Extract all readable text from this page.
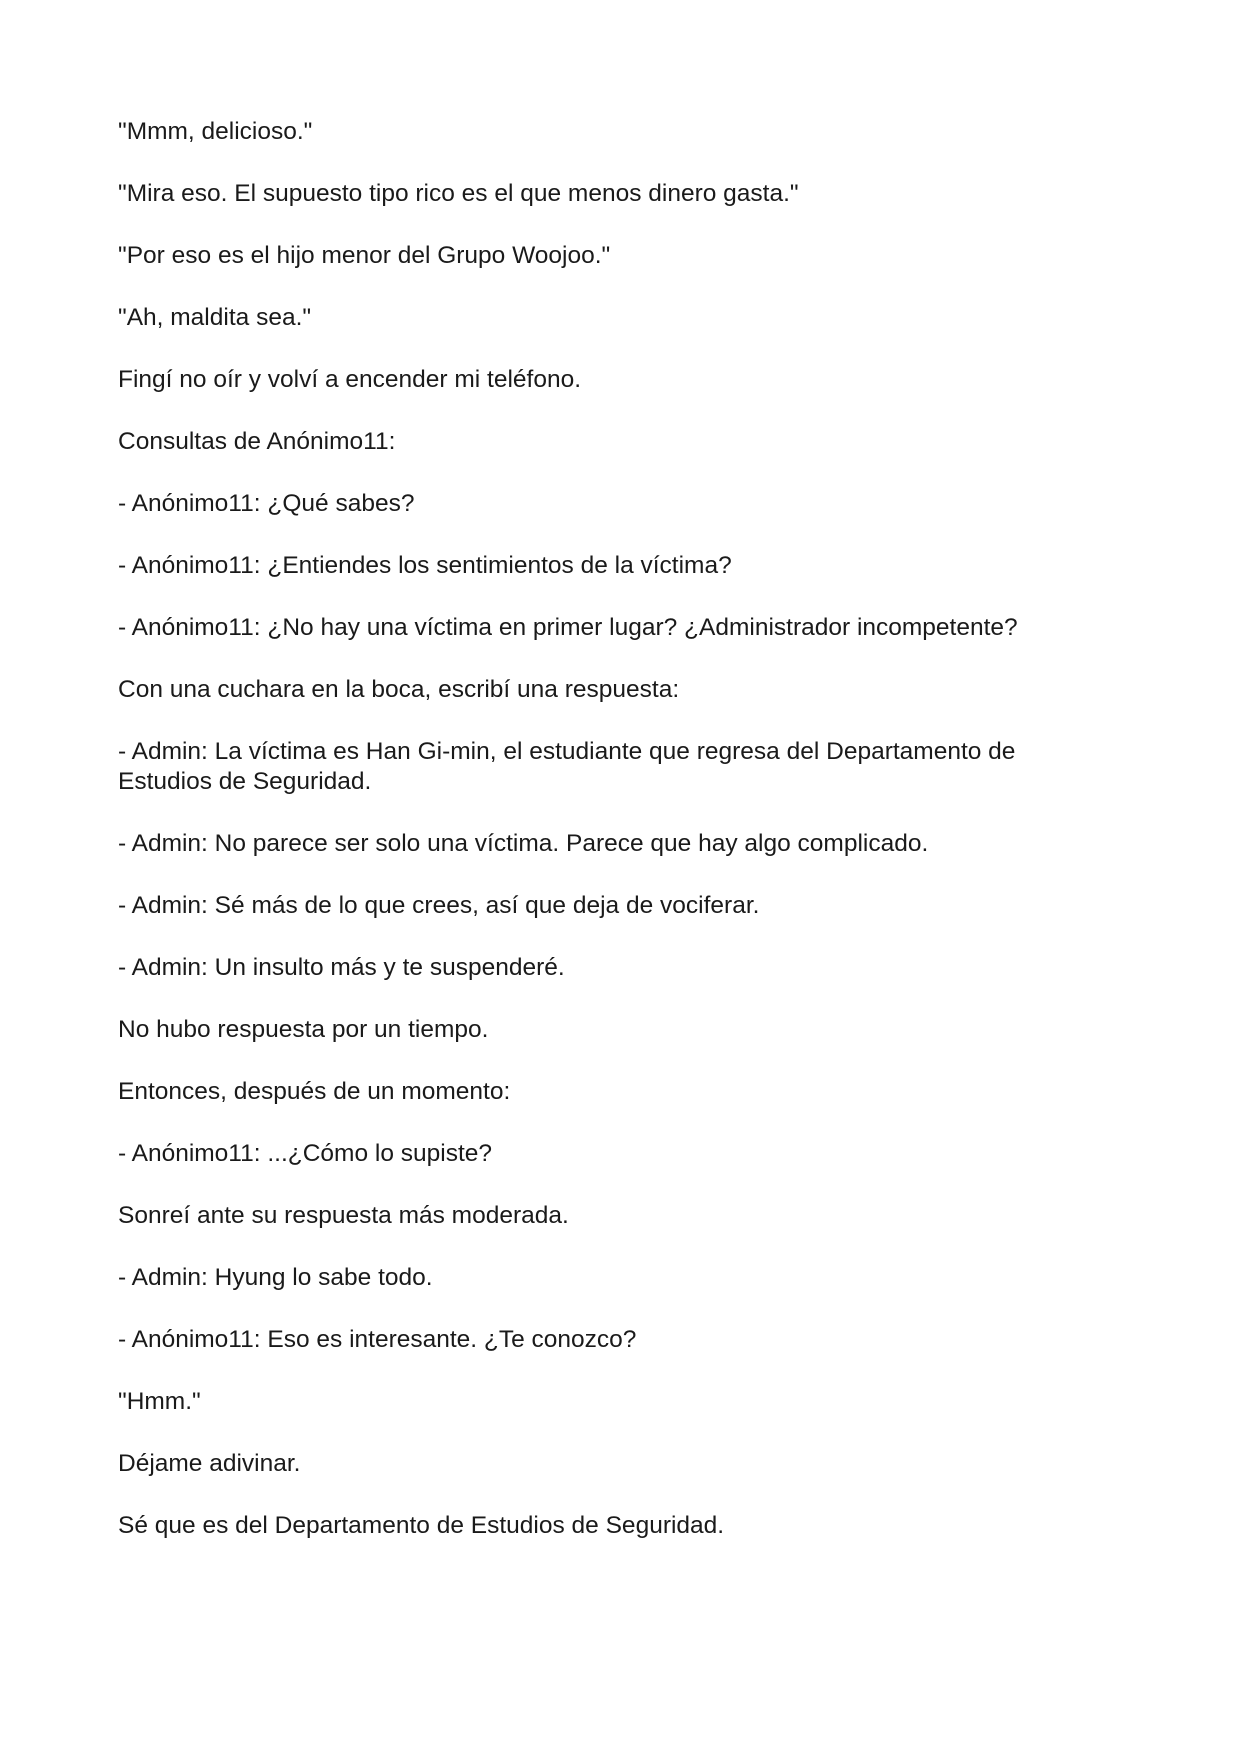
"Mmm, delicioso."

"Mira eso. El supuesto tipo rico es el que menos dinero gasta."

"Por eso es el hijo menor del Grupo Woojoo."

"Ah, maldita sea."

Fingí no oír y volví a encender mi teléfono.

Consultas de Anónimo11:

- Anónimo11: ¿Qué sabes?

- Anónimo11: ¿Entiendes los sentimientos de la víctima?

- Anónimo11: ¿No hay una víctima en primer lugar? ¿Administrador incompetente?

Con una cuchara en la boca, escribí una respuesta:

- Admin: La víctima es Han Gi-min, el estudiante que regresa del Departamento de
Estudios de Seguridad.

- Admin: No parece ser solo una víctima. Parece que hay algo complicado.

- Admin: Sé más de lo que crees, así que deja de vociferar.

- Admin: Un insulto más y te suspenderé.

No hubo respuesta por un tiempo.

Entonces, después de un momento:

- Anónimo11: ...¿Cómo lo supiste?

Sonreí ante su respuesta más moderada.

- Admin: Hyung lo sabe todo.

- Anónimo11: Eso es interesante. ¿Te conozco?

"Hmm."

Déjame adivinar.

Sé que es del Departamento de Estudios de Seguridad.
